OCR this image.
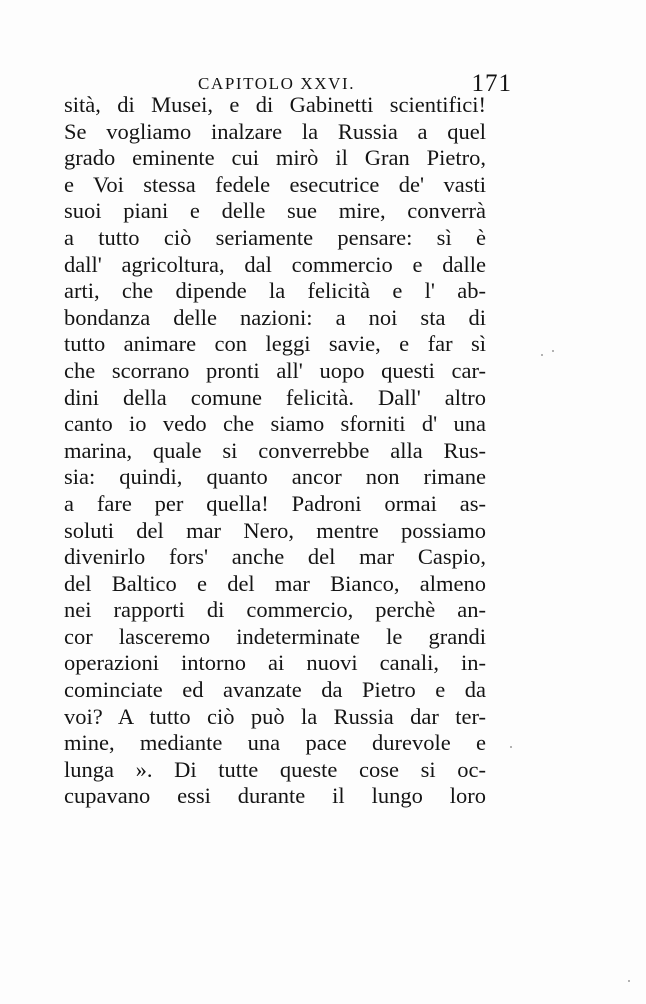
CAPITOLO XXVI.	171
sità, di Musei, e di Gabinetti scientifici!
Se vogliamo inalzare la Russia a quel
grado eminente cui mirò il Gran Pietro,
e Voi stessa fedele esecutrice de' vasti
suoi piani e delle sue mire, converrà
a tutto ciò seriamente pensare: sì è
dall' agricoltura, dal commercio e dalle
arti, che dipende la felicità e l' ab-
bondanza delle nazioni: a noi sta di
tutto animare con leggi savie, e far sì
che scorrano pronti all' uopo questi car-
dini della comune felicità. Dall' altro
canto io vedo che siamo sforniti d' una
marina, quale si converrebbe alla Rus-
sia: quindi, quanto ancor non rimane
a fare per quella! Padroni ormai as-
soluti del mar Nero, mentre possiamo
divenirlo fors' anche del mar Caspio,
del Baltico e del mar Bianco, almeno
nei rapporti di commercio, perchè an-
cor lasceremo indeterminate le grandi
operazioni intorno ai nuovi canali, in-
cominciate ed avanzate da Pietro e da
voi? A tutto ciò può la Russia dar ter-
mine, mediante una pace durevole e
lunga ». Di tutte queste cose si oc-
cupavano essi durante il lungo loro
